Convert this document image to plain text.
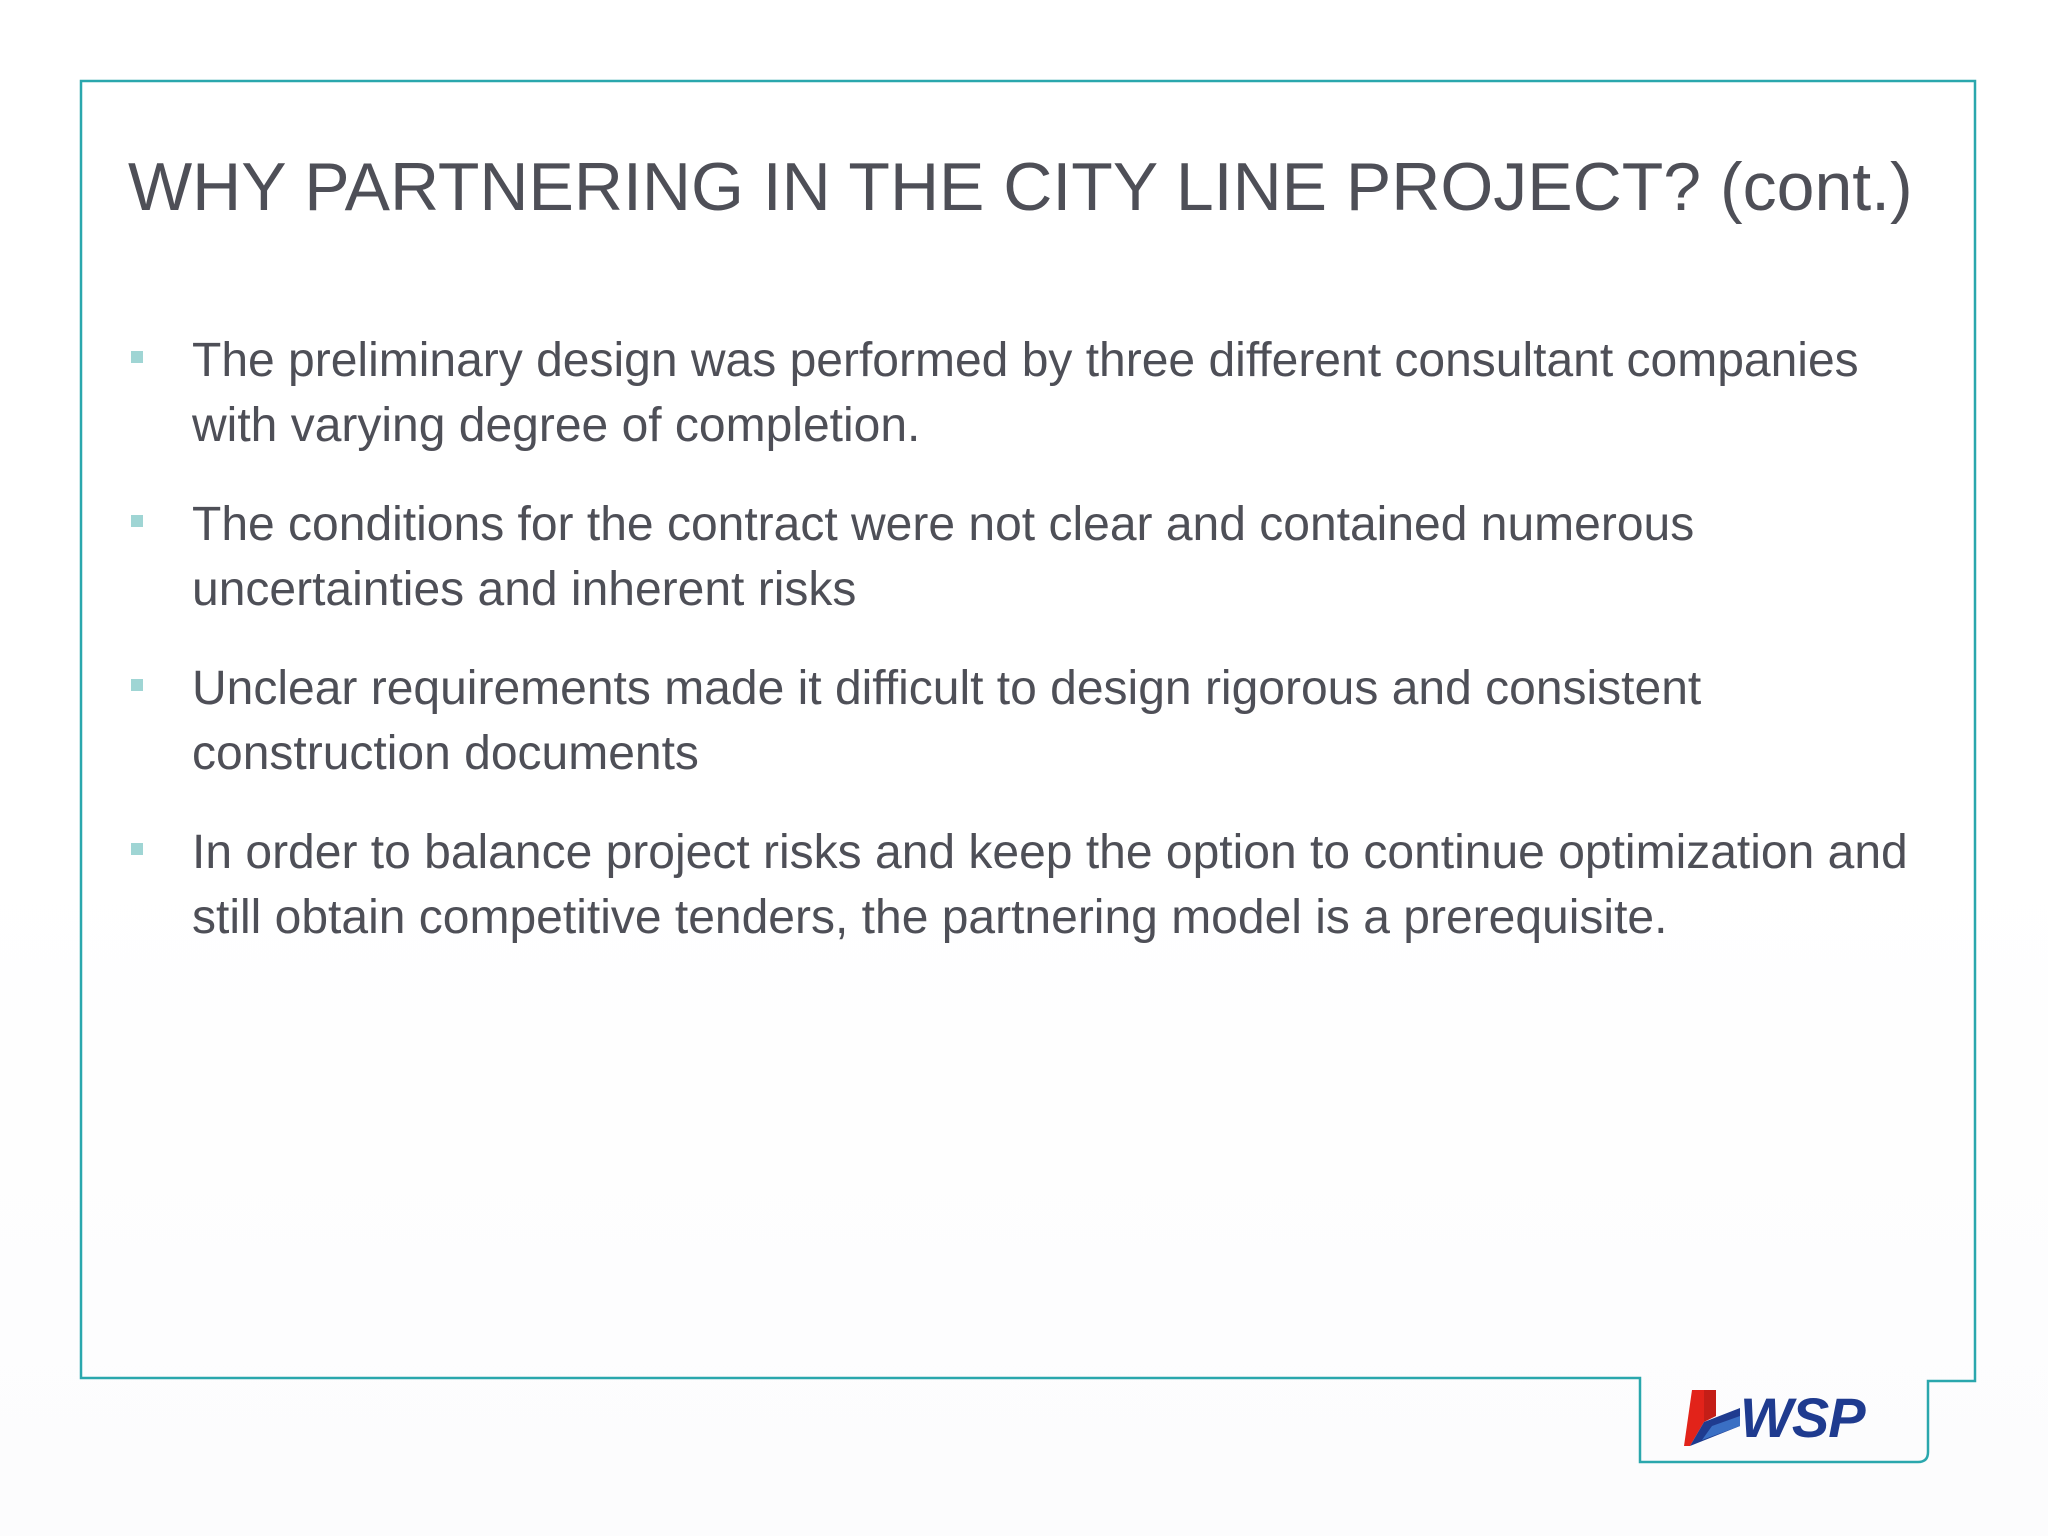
WHY PARTNERING IN THE CITY LINE PROJECT? (cont.)
The preliminary design was performed by three different consultant companies with varying degree of completion.
The conditions for the contract were not clear and contained numerous uncertainties and inherent risks
Unclear requirements made it difficult to design rigorous and consistent construction documents
In order to balance project risks and keep the option to continue optimization and still obtain competitive tenders, the partnering model is a prerequisite.
WSP
